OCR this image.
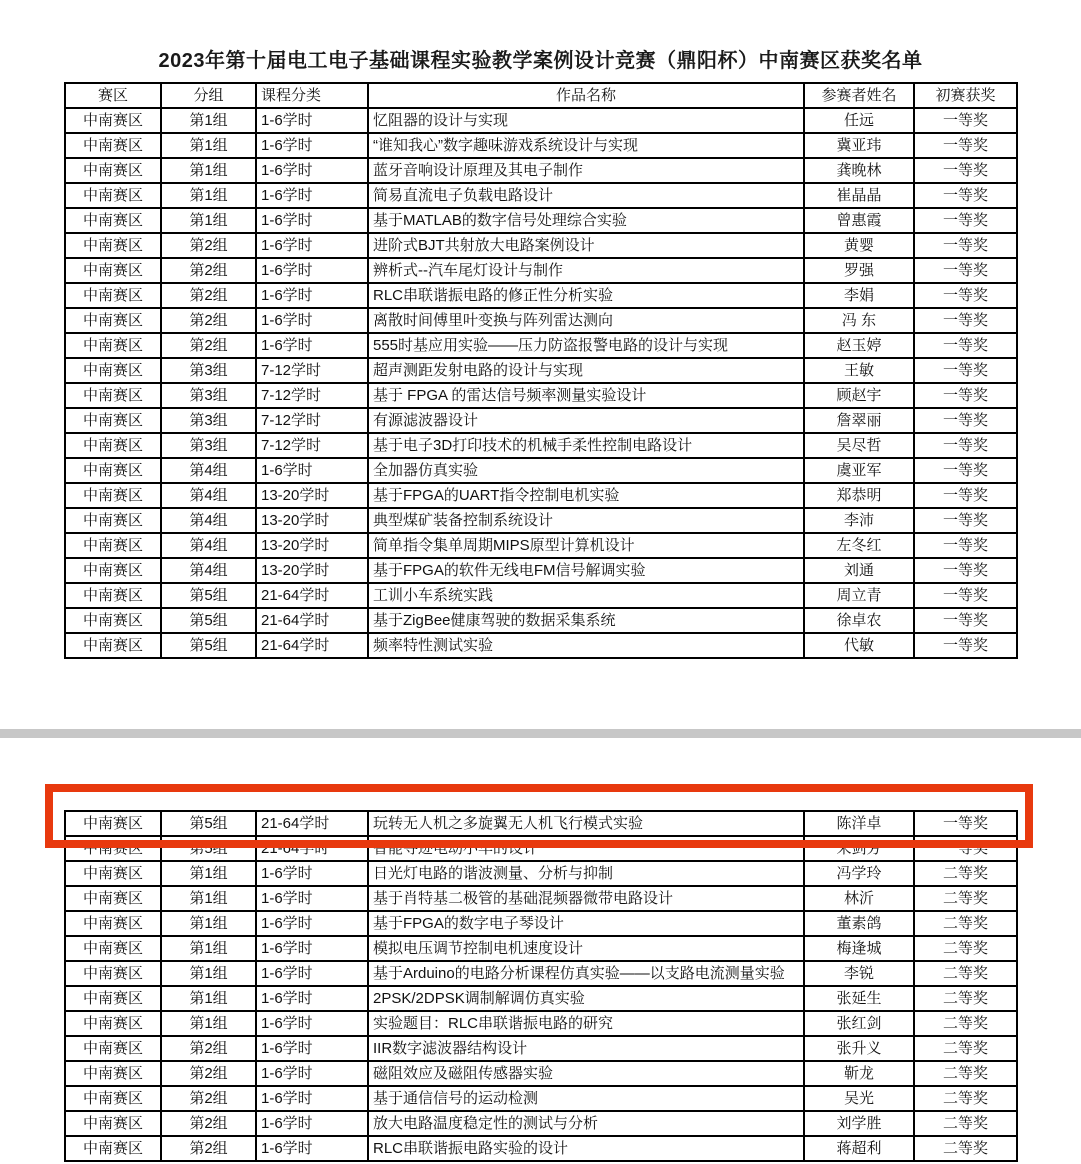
2023年第十届电工电子基础课程实验教学案例设计竞赛（鼎阳杯）中南赛区获奖名单
赛区	分组	课程分类	作品名称	参赛者姓名	初赛获奖
中南赛区	第1组	1-6学时	忆阻器的设计与实现	任远	一等奖
中南赛区	第1组	1-6学时	“谁知我心”数字趣味游戏系统设计与实现	冀亚玮	一等奖
中南赛区	第1组	1-6学时	蓝牙音响设计原理及其电子制作	龚晚林	一等奖
中南赛区	第1组	1-6学时	简易直流电子负载电路设计	崔晶晶	一等奖
中南赛区	第1组	1-6学时	基于MATLAB的数字信号处理综合实验	曾惠霞	一等奖
中南赛区	第2组	1-6学时	进阶式BJT共射放大电路案例设计	黄婴	一等奖
中南赛区	第2组	1-6学时	辨析式--汽车尾灯设计与制作	罗强	一等奖
中南赛区	第2组	1-6学时	RLC串联谐振电路的修正性分析实验	李娟	一等奖
中南赛区	第2组	1-6学时	离散时间傅里叶变换与阵列雷达测向	冯 东	一等奖
中南赛区	第2组	1-6学时	555时基应用实验——压力防盗报警电路的设计与实现	赵玉婷	一等奖
中南赛区	第3组	7-12学时	超声测距发射电路的设计与实现	王敏	一等奖
中南赛区	第3组	7-12学时	基于 FPGA 的雷达信号频率测量实验设计	顾赵宇	一等奖
中南赛区	第3组	7-12学时	有源滤波器设计	詹翠丽	一等奖
中南赛区	第3组	7-12学时	基于电子3D打印技术的机械手柔性控制电路设计	吴尽哲	一等奖
中南赛区	第4组	1-6学时	全加器仿真实验	虞亚军	一等奖
中南赛区	第4组	13-20学时	基于FPGA的UART指令控制电机实验	郑恭明	一等奖
中南赛区	第4组	13-20学时	典型煤矿装备控制系统设计	李沛	一等奖
中南赛区	第4组	13-20学时	简单指令集单周期MIPS原型计算机设计	左冬红	一等奖
中南赛区	第4组	13-20学时	基于FPGA的软件无线电FM信号解调实验	刘通	一等奖
中南赛区	第5组	21-64学时	工训小车系统实践	周立青	一等奖
中南赛区	第5组	21-64学时	基于ZigBee健康驾驶的数据采集系统	徐卓农	一等奖
中南赛区	第5组	21-64学时	频率特性测试实验	代敏	一等奖
中南赛区	第5组	21-64学时	玩转无人机之多旋翼无人机飞行模式实验	陈洋卓	一等奖
中南赛区	第5组	21-64学时	智能寻迹电动小车的设计	朱剑芳	一等奖
中南赛区	第1组	1-6学时	日光灯电路的谐波测量、分析与抑制	冯学玲	二等奖
中南赛区	第1组	1-6学时	基于肖特基二极管的基础混频器微带电路设计	林沂	二等奖
中南赛区	第1组	1-6学时	基于FPGA的数字电子琴设计	董素鸽	二等奖
中南赛区	第1组	1-6学时	模拟电压调节控制电机速度设计	梅逢城	二等奖
中南赛区	第1组	1-6学时	基于Arduino的电路分析课程仿真实验——以支路电流测量实验	李锐	二等奖
中南赛区	第1组	1-6学时	2PSK/2DPSK调制解调仿真实验	张延生	二等奖
中南赛区	第1组	1-6学时	实验题目：RLC串联谐振电路的研究	张红剑	二等奖
中南赛区	第2组	1-6学时	IIR数字滤波器结构设计	张升义	二等奖
中南赛区	第2组	1-6学时	磁阻效应及磁阻传感器实验	靳龙	二等奖
中南赛区	第2组	1-6学时	基于通信信号的运动检测	吴光	二等奖
中南赛区	第2组	1-6学时	放大电路温度稳定性的测试与分析	刘学胜	二等奖
中南赛区	第2组	1-6学时	RLC串联谐振电路实验的设计	蒋超利	二等奖
